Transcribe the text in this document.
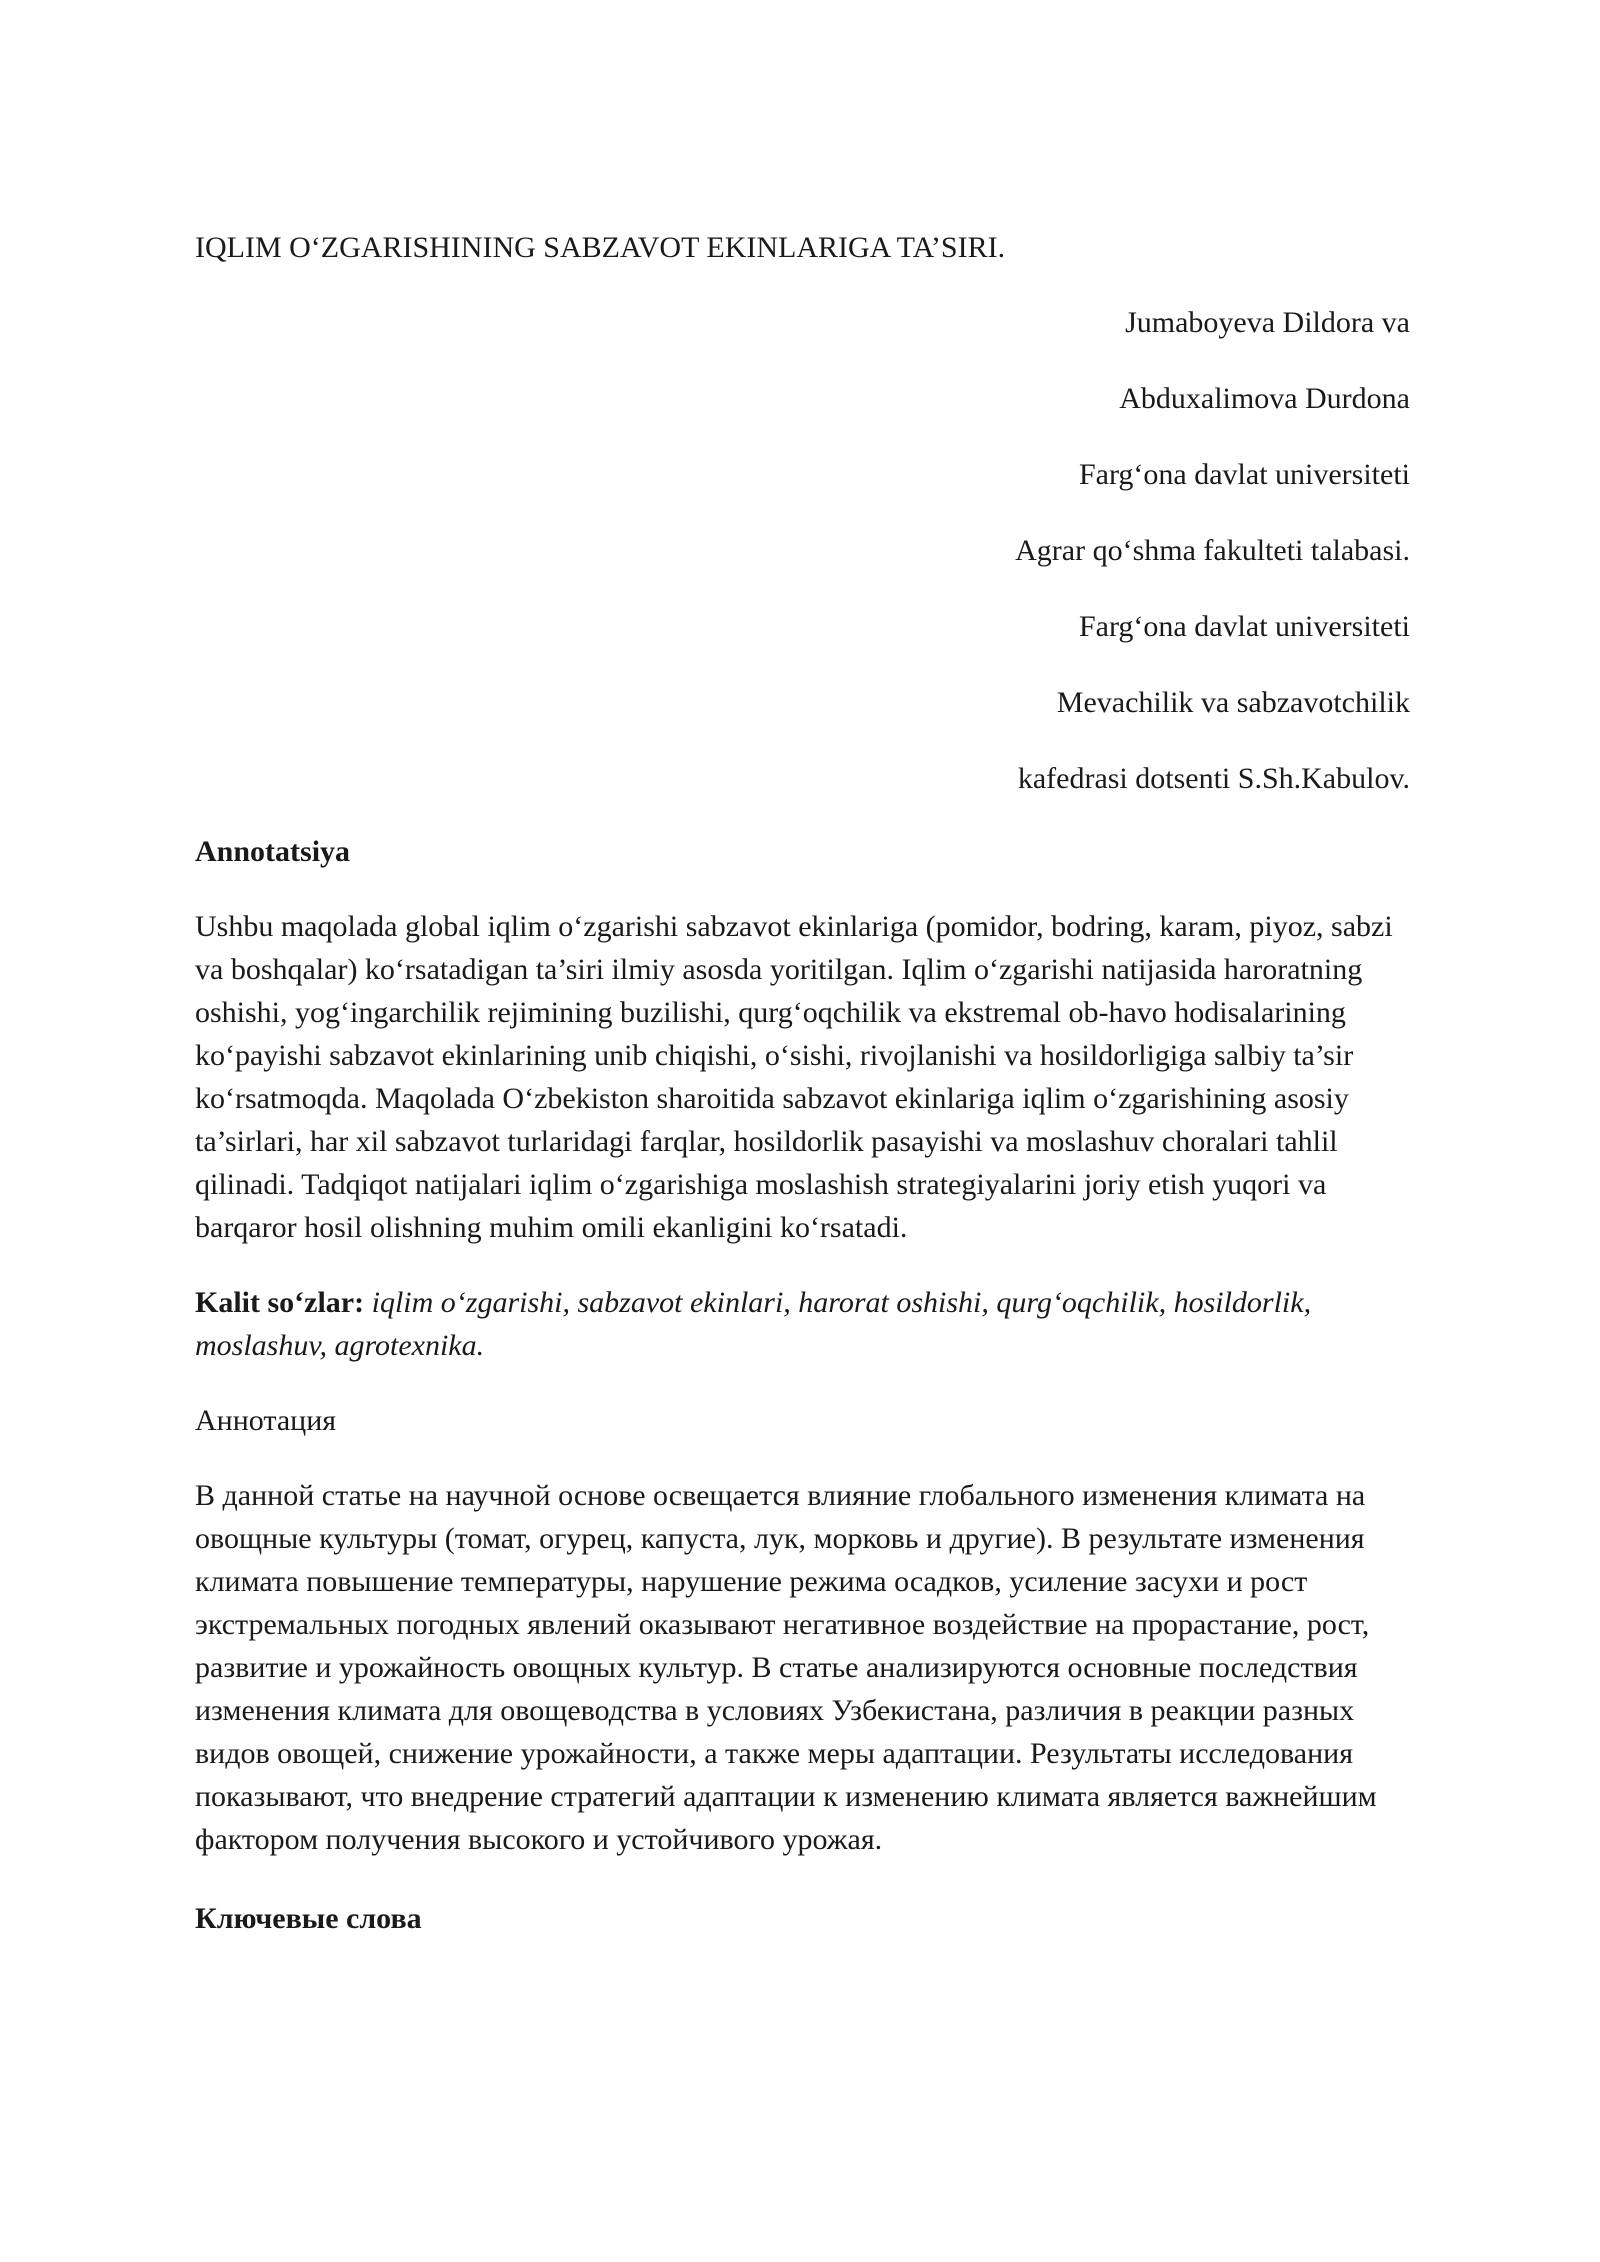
IQLIM O‘ZGARISHINING SABZAVOT EKINLARIGA TA’SIRI.
Jumaboyeva Dildora va
Abduxalimova Durdona
Farg‘ona davlat universiteti
Agrar qo‘shma fakulteti talabasi.
Farg‘ona davlat universiteti
Mevachilik va sabzavotchilik
kafedrasi dotsenti S.Sh.Kabulov.
Annotatsiya

Ushbu maqolada global iqlim o‘zgarishi sabzavot ekinlariga (pomidor, bodring, karam, piyoz, sabzi va boshqalar) ko‘rsatadigan ta’siri ilmiy asosda yoritilgan. Iqlim o‘zgarishi natijasida haroratning oshishi, yog‘ingarchilik rejimining buzilishi, qurg‘oqchilik va ekstremal ob-havo hodisalarining ko‘payishi sabzavot ekinlarining unib chiqishi, o‘sishi, rivojlanishi va hosildorligiga salbiy ta’sir ko‘rsatmoqda. Maqolada O‘zbekiston sharoitida sabzavot ekinlariga iqlim o‘zgarishining asosiy ta’sirlari, har xil sabzavot turlaridagi farqlar, hosildorlik pasayishi va moslashuv choralari tahlil qilinadi. Tadqiqot natijalari iqlim o‘zgarishiga moslashish strategiyalarini joriy etish yuqori va barqaror hosil olishning muhim omili ekanligini ko‘rsatadi.

Kalit so‘zlar: iqlim o‘zgarishi, sabzavot ekinlari, harorat oshishi, qurg‘oqchilik, hosildorlik, moslashuv, agrotexnika.

Аннотация

В данной статье на научной основе освещается влияние глобального изменения климата на овощные культуры (томат, огурец, капуста, лук, морковь и другие). В результате изменения климата повышение температуры, нарушение режима осадков, усиление засухи и рост экстремальных погодных явлений оказывают негативное воздействие на прорастание, рост, развитие и урожайность овощных культур. В статье анализируются основные последствия изменения климата для овощеводства в условиях Узбекистана, различия в реакции разных видов овощей, снижение урожайности, а также меры адаптации. Результаты исследования показывают, что внедрение стратегий адаптации к изменению климата является важнейшим фактором получения высокого и устойчивого урожая.

Ключевые слова
